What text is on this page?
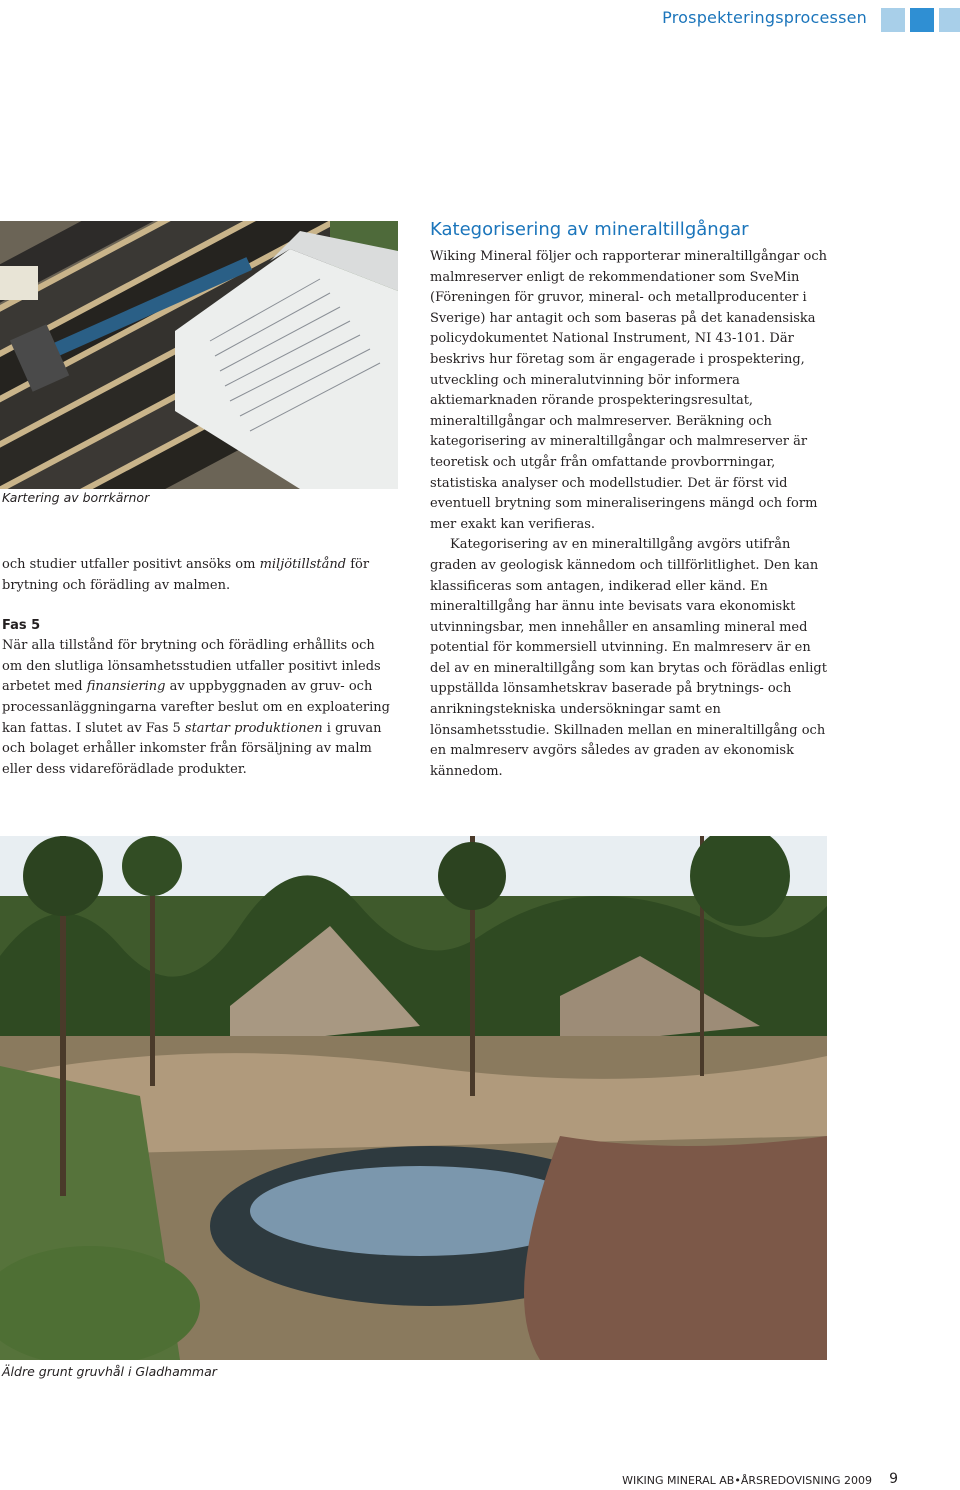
Prospekteringsprocessen
Kartering av borrkärnor

och studier utfaller positivt ansöks om miljötillstånd för brytning och förädling av malmen.

Fas 5

När alla tillstånd för brytning och förädling erhållits och om den slutliga lönsamhetsstudien utfaller positivt inleds arbetet med finansiering av uppbyggnaden av gruv- och processanläggningarna varefter beslut om en exploatering kan fattas. I slutet av Fas 5 startar produktionen i gruvan och bolaget erhåller inkomster från försäljning av malm eller dess vidareförädlade produkter.

Kategorisering av mineraltillgångar

Wiking Mineral följer och rapporterar mineraltillgångar och malmreserver enligt de rekommendationer som SveMin (Föreningen för gruvor, mineral- och metallproducenter i Sverige) har antagit och som baseras på det kanadensiska policydokumentet National Instrument, NI 43-101. Där beskrivs hur företag som är engagerade i prospektering, utveckling och mineralutvinning bör informera aktiemarknaden rörande prospekteringsresultat, mineraltillgångar och malmreserver. Beräkning och kategorisering av mineraltillgångar och malmreserver är teoretisk och utgår från omfattande provborrningar, statistiska analyser och modellstudier. Det är först vid eventuell brytning som mineraliseringens mängd och form mer exakt kan verifieras.

Kategorisering av en mineraltillgång avgörs utifrån graden av geologisk kännedom och tillförlitlighet. Den kan klassificeras som antagen, indikerad eller känd. En mineraltillgång har ännu inte bevisats vara ekonomiskt utvinningsbar, men innehåller en ansamling mineral med potential för kommersiell utvinning. En malmreserv är en del av en mineraltillgång som kan brytas och förädlas enligt uppställda lönsamhetskrav baserade på brytnings- och anrikningstekniska undersökningar samt en lönsamhetsstudie. Skillnaden mellan en mineraltillgång och en malmreserv avgörs således av graden av ekonomisk kännedom.

Äldre grunt gruvhål i Gladhammar
WIKING MINERAL AB•ÅRSREDOVISNING 2009 9
